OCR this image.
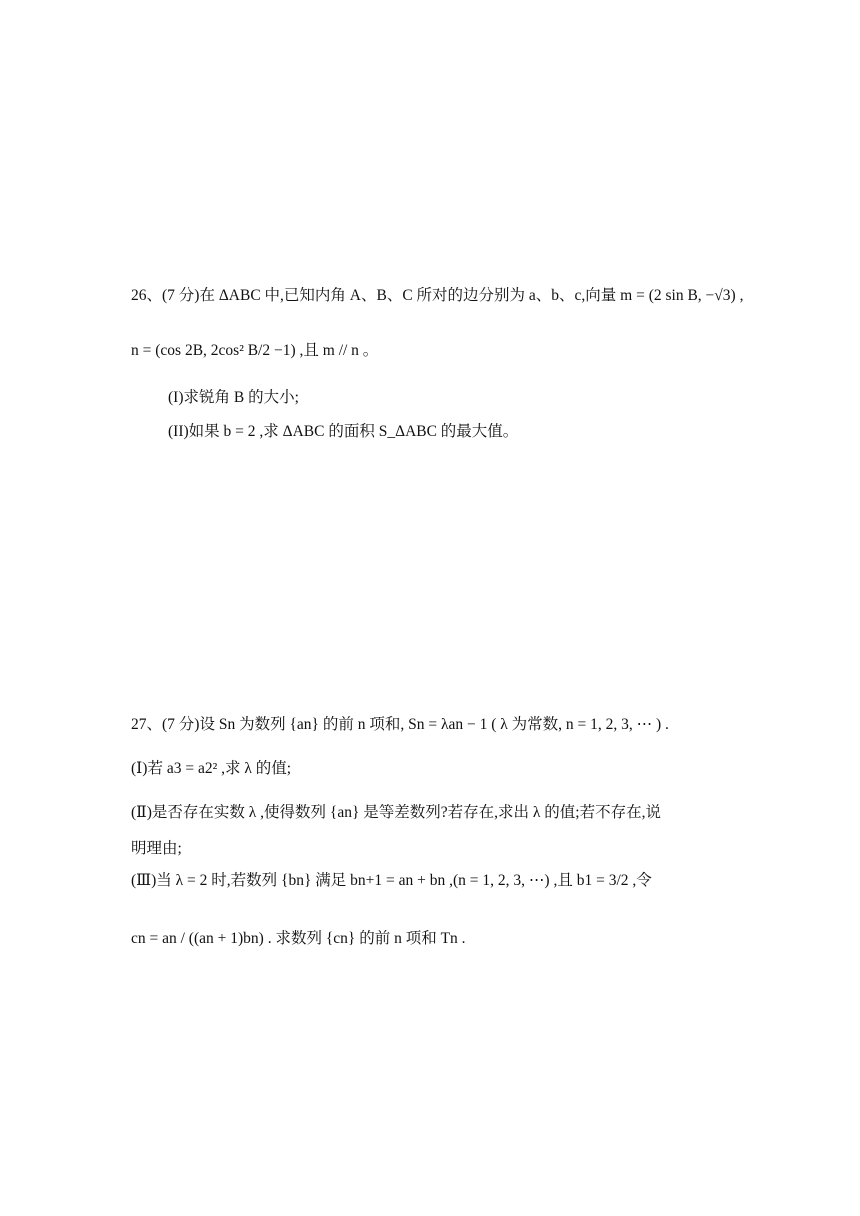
26、(7 分)在 ΔABC 中,已知内角 A、B、C 所对的边分别为 a、b、c,向量 m = (2 sin B, −√3) ,
n = (cos 2B, 2cos² B/2 −1) ,且 m // n 。
(I)求锐角 B 的大小;
(II)如果 b = 2 ,求 ΔABC 的面积 S_ΔABC 的最大值。
27、(7 分)设 Sn 为数列 {an} 的前 n 项和, Sn = λan − 1 ( λ 为常数, n = 1, 2, 3, ⋯ ) .
(Ⅰ)若 a3 = a2² ,求 λ 的值;
(Ⅱ)是否存在实数 λ ,使得数列 {an} 是等差数列?若存在,求出 λ 的值;若不存在,说
明理由;
(Ⅲ)当 λ = 2 时,若数列 {bn} 满足 bn+1 = an + bn ,(n = 1, 2, 3, ⋯) ,且 b1 = 3/2 ,令
cn = an / ((an + 1)bn) . 求数列 {cn} 的前 n 项和 Tn .
